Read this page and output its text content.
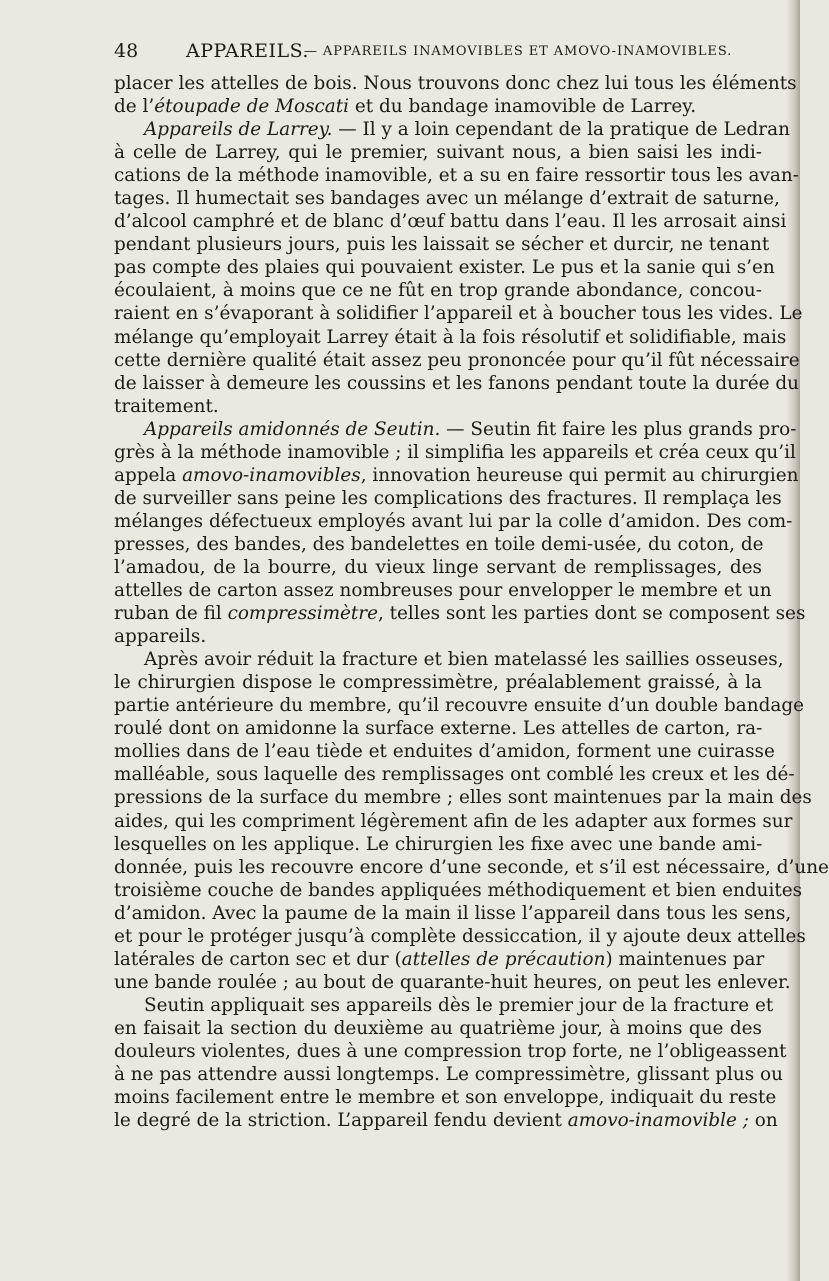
48	APPAREILS.
— APPAREILS INAMOVIBLES ET AMOVO-INAMOVIBLES.
placer les attelles de bois. Nous trouvons donc chez lui tous les éléments
de l’étoupade de Moscati et du bandage inamovible de Larrey.
Appareils de Larrey. — Il y a loin cependant de la pratique de Ledran
à celle de Larrey, qui le premier, suivant nous, a bien saisi les indi-
cations de la méthode inamovible, et a su en faire ressortir tous les avan-
tages. Il humectait ses bandages avec un mélange d’extrait de saturne,
d’alcool camphré et de blanc d’œuf battu dans l’eau. Il les arrosait ainsi
pendant plusieurs jours, puis les laissait se sécher et durcir, ne tenant
pas compte des plaies qui pouvaient exister. Le pus et la sanie qui s’en
écoulaient, à moins que ce ne fût en trop grande abondance, concou-
raient en s’évaporant à solidifier l’appareil et à boucher tous les vides. Le
mélange qu’employait Larrey était à la fois résolutif et solidifiable, mais
cette dernière qualité était assez peu prononcée pour qu’il fût nécessaire
de laisser à demeure les coussins et les fanons pendant toute la durée du
traitement.
Appareils amidonnés de Seutin. — Seutin fit faire les plus grands pro-
grès à la méthode inamovible ; il simplifia les appareils et créa ceux qu’il
appela amovo-inamovibles, innovation heureuse qui permit au chirurgien
de surveiller sans peine les complications des fractures. Il remplaça les
mélanges défectueux employés avant lui par la colle d’amidon. Des com-
presses, des bandes, des bandelettes en toile demi-usée, du coton, de
l’amadou, de la bourre, du vieux linge servant de remplissages, des
attelles de carton assez nombreuses pour envelopper le membre et un
ruban de fil compressimètre, telles sont les parties dont se composent ses
appareils.
Après avoir réduit la fracture et bien matelassé les saillies osseuses,
le chirurgien dispose le compressimètre, préalablement graissé, à la
partie antérieure du membre, qu’il recouvre ensuite d’un double bandage
roulé dont on amidonne la surface externe. Les attelles de carton, ra-
mollies dans de l’eau tiède et enduites d’amidon, forment une cuirasse
malléable, sous laquelle des remplissages ont comblé les creux et les dé-
pressions de la surface du membre ; elles sont maintenues par la main des
aides, qui les compriment légèrement afin de les adapter aux formes sur
lesquelles on les applique. Le chirurgien les fixe avec une bande ami-
donnée, puis les recouvre encore d’une seconde, et s’il est nécessaire, d’une
troisième couche de bandes appliquées méthodiquement et bien enduites
d’amidon. Avec la paume de la main il lisse l’appareil dans tous les sens,
et pour le protéger jusqu’à complète dessiccation, il y ajoute deux attelles
latérales de carton sec et dur (attelles de précaution) maintenues par
une bande roulée ; au bout de quarante-huit heures, on peut les enlever.
Seutin appliquait ses appareils dès le premier jour de la fracture et
en faisait la section du deuxième au quatrième jour, à moins que des
douleurs violentes, dues à une compression trop forte, ne l’obligeassent
à ne pas attendre aussi longtemps. Le compressimètre, glissant plus ou
moins facilement entre le membre et son enveloppe, indiquait du reste
le degré de la striction. L’appareil fendu devient amovo-inamovible ; on
